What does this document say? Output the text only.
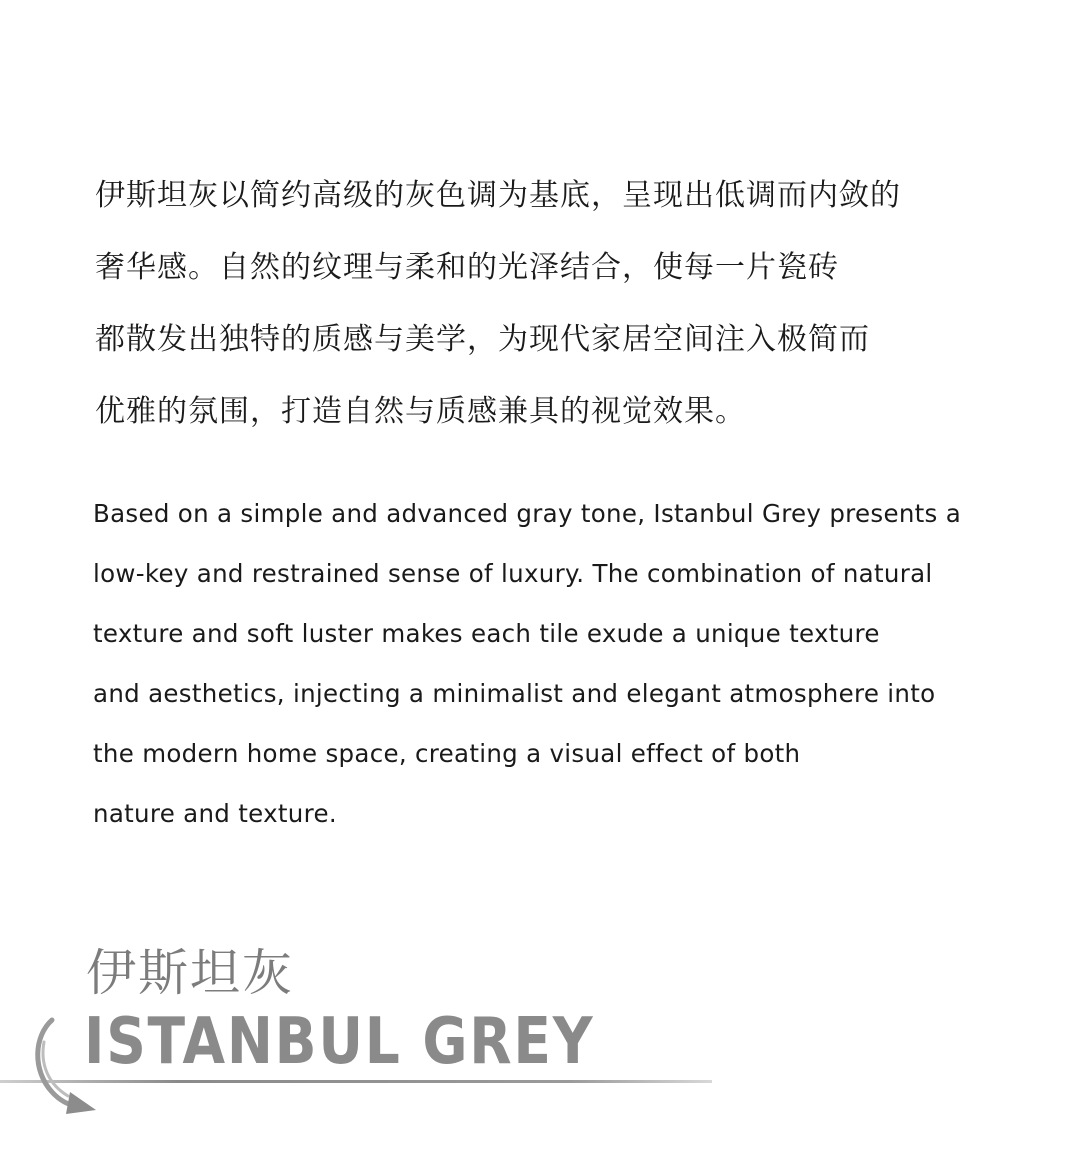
伊斯坦灰以简约高级的灰色调为基底，呈现出低调而内敛的
奢华感。自然的纹理与柔和的光泽结合，使每一片瓷砖
都散发出独特的质感与美学，为现代家居空间注入极简而
优雅的氛围，打造自然与质感兼具的视觉效果。
Based on a simple and advanced gray tone, Istanbul Grey presents a
low-key and restrained sense of luxury. The combination of natural
texture and soft luster makes each tile exude a unique texture
and aesthetics, injecting a minimalist and elegant atmosphere into
the modern home space, creating a visual effect of both
nature and texture.
伊斯坦灰
ISTANBUL GREY
